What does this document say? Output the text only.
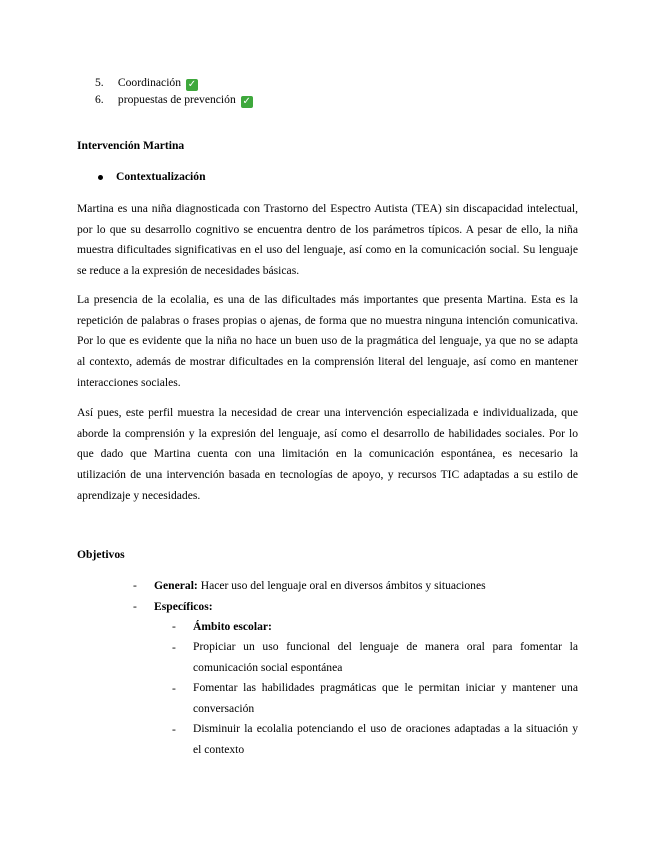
5. Coordinación ✓
6. propuestas de prevención ✓
Intervención Martina
Contextualización
Martina es una niña diagnosticada con Trastorno del Espectro Autista (TEA) sin discapacidad intelectual,
por lo que su desarrollo cognitivo se encuentra dentro de los parámetros típicos. A pesar de ello, la niña
muestra dificultades significativas en el uso del lenguaje, así como en la comunicación social. Su lenguaje
se reduce a la expresión de necesidades básicas.
La presencia de la ecolalia, es una de las dificultades más importantes que presenta Martina. Esta es la
repetición de palabras o frases propias o ajenas, de forma que no muestra ninguna intención comunicativa.
Por lo que es evidente que la niña no hace un buen uso de la pragmática del lenguaje, ya que no se adapta
al contexto, además de mostrar dificultades en la comprensión literal del lenguaje, así como en mantener
interacciones sociales.
Así pues, este perfil muestra la necesidad de crear una intervención especializada e individualizada, que
aborde la comprensión y la expresión del lenguaje, así como el desarrollo de habilidades sociales. Por lo
que dado que Martina cuenta con una limitación en la comunicación espontánea, es necesario la
utilización de una intervención basada en tecnologías de apoyo, y recursos TIC adaptadas a su estilo de
aprendizaje y necesidades.
Objetivos
- General: Hacer uso del lenguaje oral en diversos ámbitos y situaciones
- Específicos:
- Ámbito escolar:
- Propiciar un uso funcional del lenguaje de manera oral para fomentar la
comunicación social espontánea
- Fomentar las habilidades pragmáticas que le permitan iniciar y mantener una
conversación
- Disminuir la ecolalia potenciando el uso de oraciones adaptadas a la situación y
el contexto
